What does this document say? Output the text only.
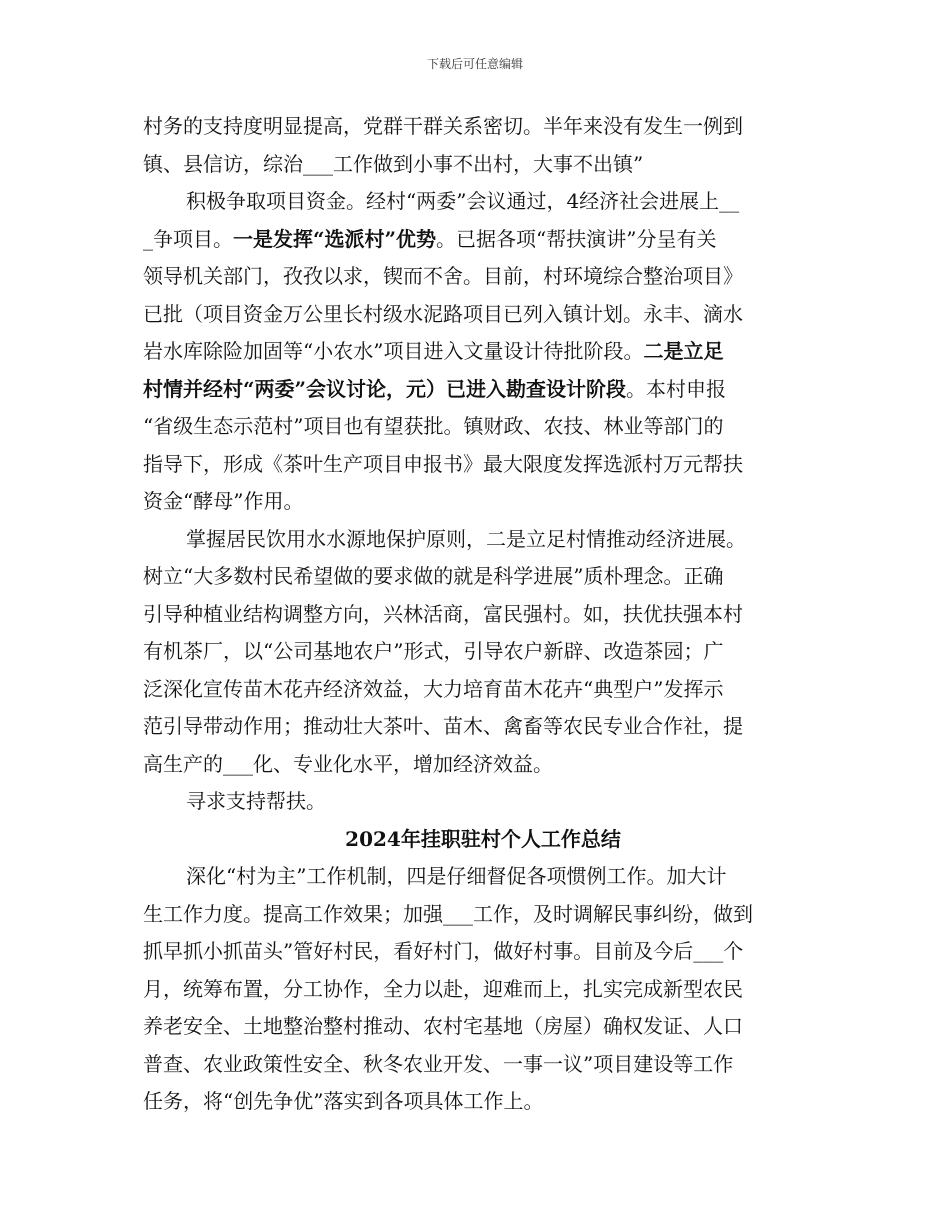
下载后可任意编辑
村务的支持度明显提高，党群干群关系密切。半年来没有发生一例到
镇、县信访，综治___工作做到小事不出村，大事不出镇”
积极争取项目资金。经村“两委”会议通过，4经济社会进展上__
_争项目。一是发挥“选派村”优势。已据各项“帮扶演讲”分呈有关
领导机关部门，孜孜以求，锲而不舍。目前，村环境综合整治项目》
已批（项目资金万公里长村级水泥路项目已列入镇计划。永丰、滴水
岩水库除险加固等“小农水”项目进入文量设计待批阶段。二是立足
村情并经村“两委”会议讨论，元）已进入勘查设计阶段。本村申报
“省级生态示范村”项目也有望获批。镇财政、农技、林业等部门的
指导下，形成《茶叶生产项目申报书》最大限度发挥选派村万元帮扶
资金“酵母”作用。
掌握居民饮用水水源地保护原则，二是立足村情推动经济进展。
树立“大多数村民希望做的要求做的就是科学进展”质朴理念。正确
引导种植业结构调整方向，兴林活商，富民强村。如，扶优扶强本村
有机茶厂，以“公司基地农户”形式，引导农户新辟、改造茶园；广
泛深化宣传苗木花卉经济效益，大力培育苗木花卉“典型户”发挥示
范引导带动作用；推动壮大茶叶、苗木、禽畜等农民专业合作社，提
高生产的___化、专业化水平，增加经济效益。
寻求支持帮扶。
2024年挂职驻村个人工作总结
深化“村为主”工作机制，四是仔细督促各项惯例工作。加大计
生工作力度。提高工作效果；加强___工作，及时调解民事纠纷，做到
抓早抓小抓苗头”管好村民，看好村门，做好村事。目前及今后___个
月，统筹布置，分工协作，全力以赴，迎难而上，扎实完成新型农民
养老安全、土地整治整村推动、农村宅基地（房屋）确权发证、人口
普查、农业政策性安全、秋冬农业开发、一事一议”项目建设等工作
任务，将“创先争优”落实到各项具体工作上。
